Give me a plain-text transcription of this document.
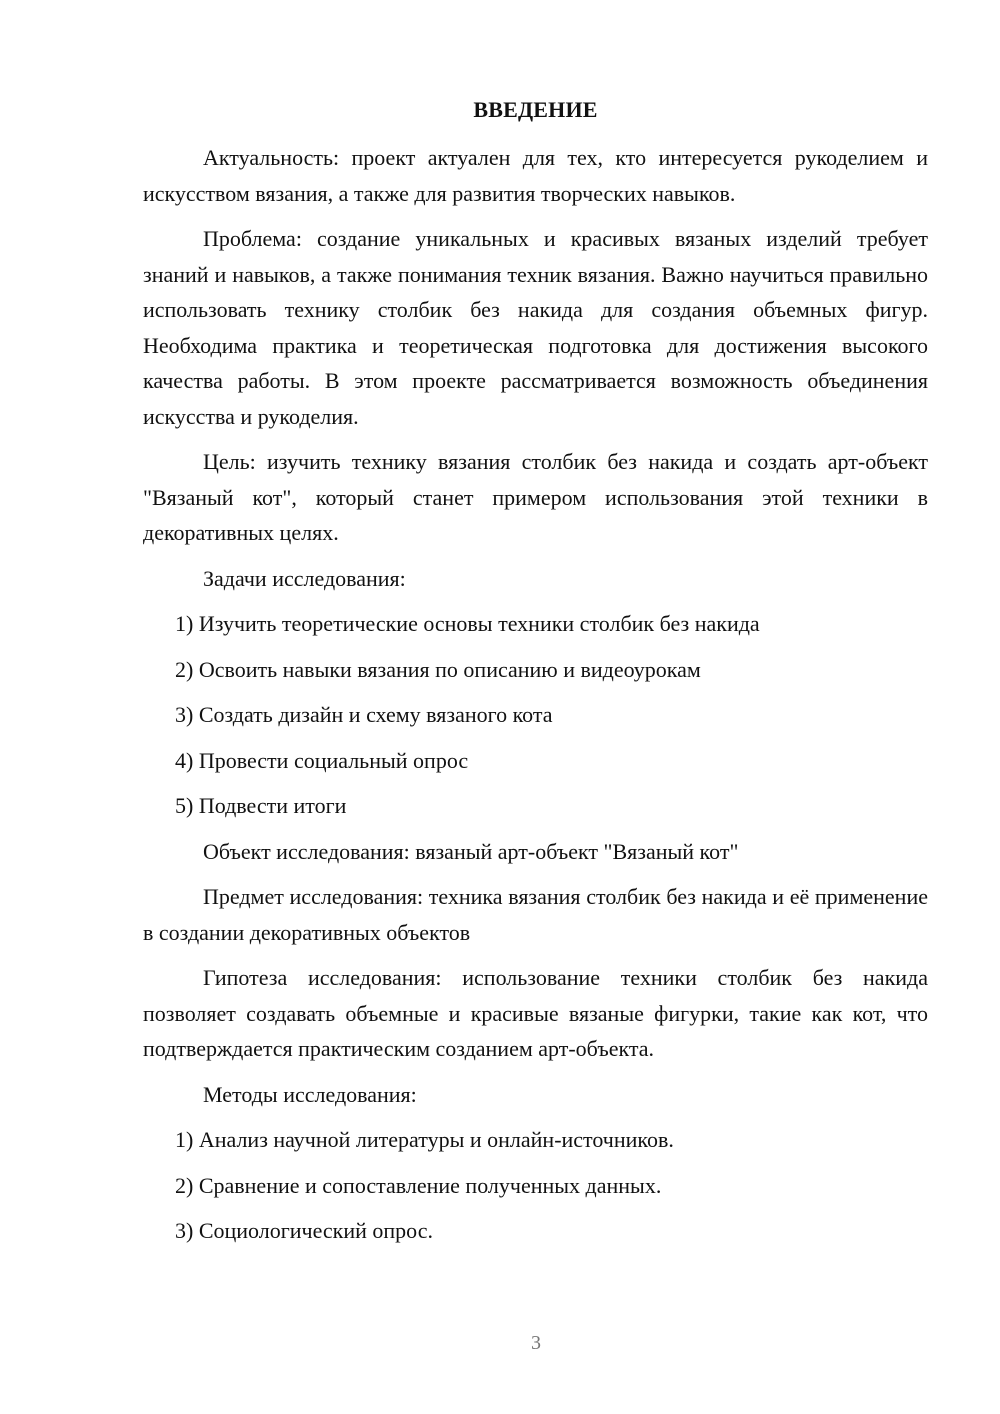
ВВЕДЕНИЕ

Актуальность: проект актуален для тех, кто интересуется рукоделием и искусством вязания, а также для развития творческих навыков.

Проблема: создание уникальных и красивых вязаных изделий требует знаний и навыков, а также понимания техник вязания. Важно научиться правильно использовать технику столбик без накида для создания объемных фигур. Необходима практика и теоретическая подготовка для достижения высокого качества работы. В этом проекте рассматривается возможность объединения искусства и рукоделия.

Цель: изучить технику вязания столбик без накида и создать арт-объект "Вязаный кот", который станет примером использования этой техники в декоративных целях.

Задачи исследования:

1) Изучить теоретические основы техники столбик без накида
2) Освоить навыки вязания по описанию и видеоурокам
3) Создать дизайн и схему вязаного кота
4) Провести социальный опрос
5) Подвести итоги

Объект исследования: вязаный арт-объект "Вязаный кот"

Предмет исследования: техника вязания столбик без накида и её применение в создании декоративных объектов

Гипотеза исследования: использование техники столбик без накида позволяет создавать объемные и красивые вязаные фигурки, такие как кот, что подтверждается практическим созданием арт-объекта.

Методы исследования:

1) Анализ научной литературы и онлайн-источников.
2) Сравнение и сопоставление полученных данных.
3) Социологический опрос.
3
